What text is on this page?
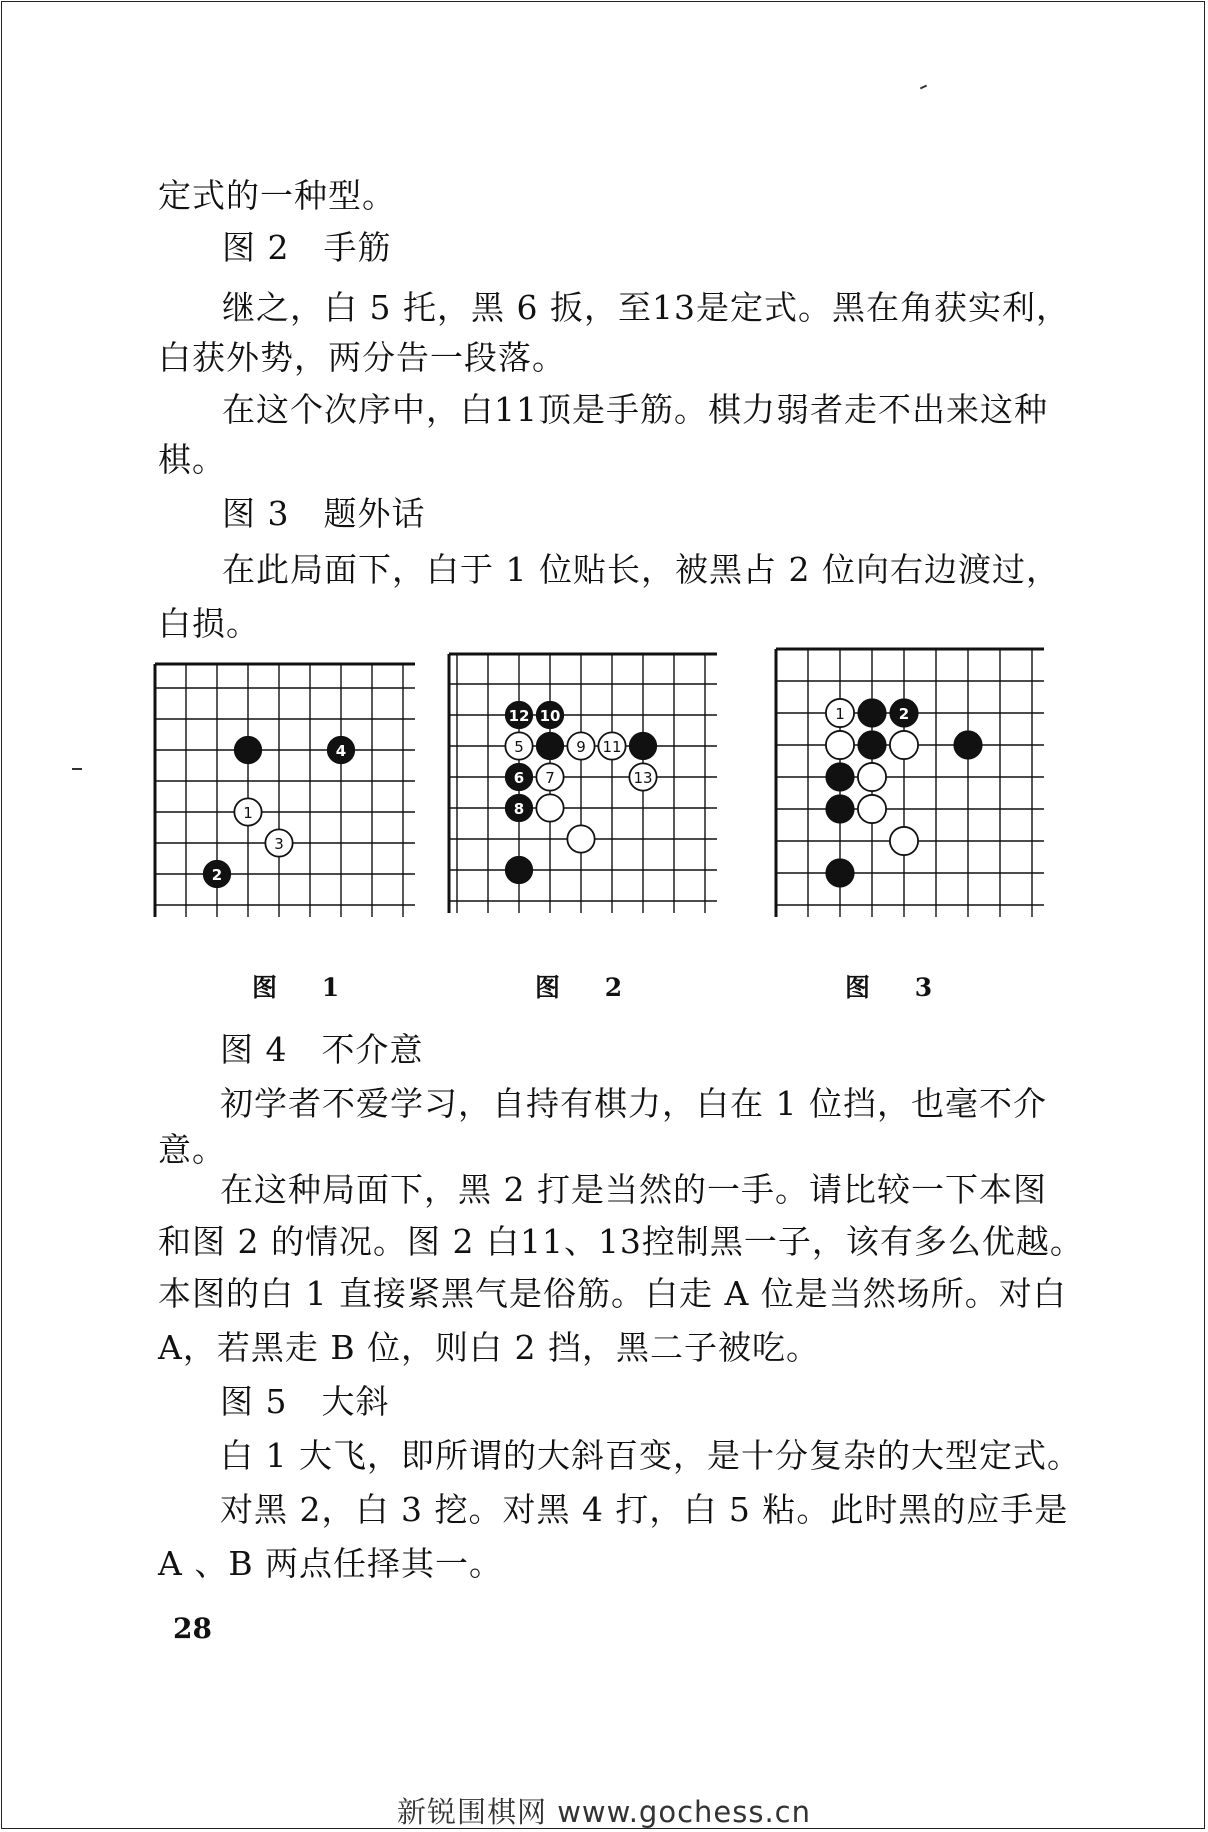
定式的一种型。
图 2　手筋
继之，白 5 托，黑 6 扳，至13是定式。黑在角获实利，
白获外势，两分告一段落。
在这个次序中，白11顶是手筋。棋力弱者走不出来这种
棋。
图 3　题外话
在此局面下，白于 1 位贴长，被黑占 2 位向右边渡过，
白损。
4
1
3
2
12 10
5	9 11
6 7	13
8
1	2
图 1	图 2	图 3
图 4　不介意
初学者不爱学习，自持有棋力，白在 1 位挡，也毫不介
意。
在这种局面下，黑 2 打是当然的一手。请比较一下本图
和图 2 的情况。图 2 白11、13控制黑一子，该有多么优越。
本图的白 1 直接紧黑气是俗筋。白走 A 位是当然场所。对白
A，若黑走 B 位，则白 2 挡，黑二子被吃。
图 5　大斜
白 1 大飞，即所谓的大斜百变，是十分复杂的大型定式。
对黑 2，白 3 挖。对黑 4 打，白 5 粘。此时黑的应手是
A 、B 两点任择其一。
28
新锐围棋网 www.gochess.cn
